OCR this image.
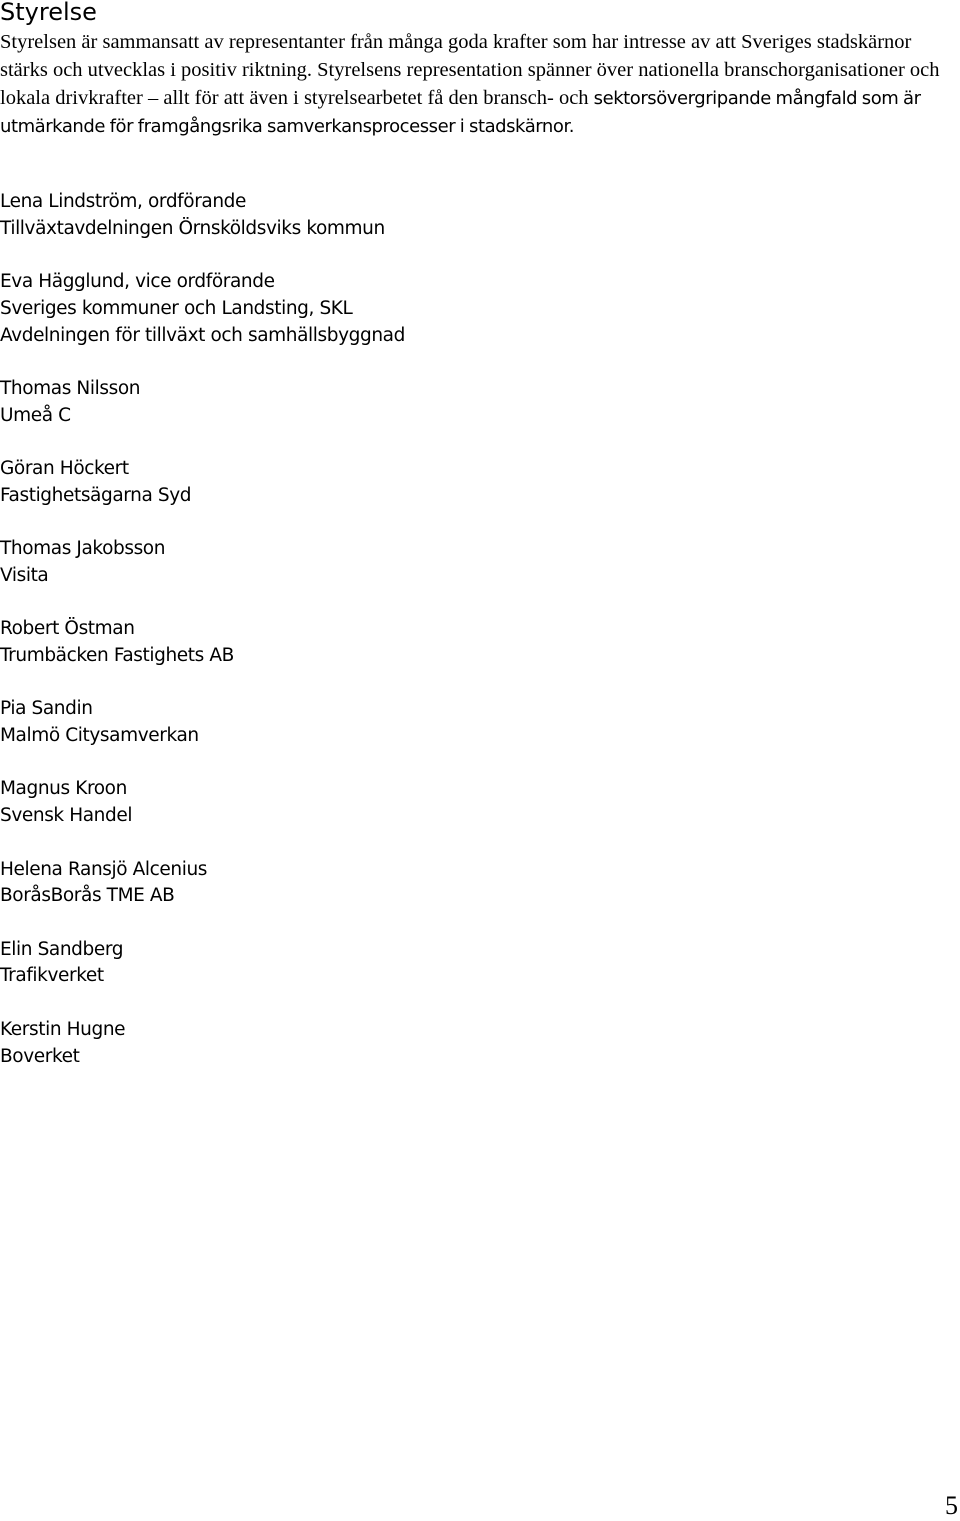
Styrelse

Styrelsen är sammansatt av representanter från många goda krafter som har intresse av att Sveriges stadskärnor stärks och utvecklas i positiv riktning. Styrelsens representation spänner över nationella branschorganisationer och lokala drivkrafter – allt för att även i styrelsearbetet få den bransch- och sektorsövergripande mångfald som är utmärkande för framgångsrika samverkansprocesser i stadskärnor.

Lena Lindström, ordförande
Tillväxtavdelningen Örnsköldsviks kommun
Eva Hägglund, vice ordförande
Sveriges kommuner och Landsting, SKL
Avdelningen för tillväxt och samhällsbyggnad
Thomas Nilsson
Umeå C
Göran Höckert
Fastighetsägarna Syd
Thomas Jakobsson
Visita
Robert Östman
Trumbäcken Fastighets AB
Pia Sandin
Malmö Citysamverkan
Magnus Kroon
Svensk Handel
Helena Ransjö Alcenius
BoråsBorås TME AB
Elin Sandberg
Trafikverket
Kerstin Hugne
Boverket
5
